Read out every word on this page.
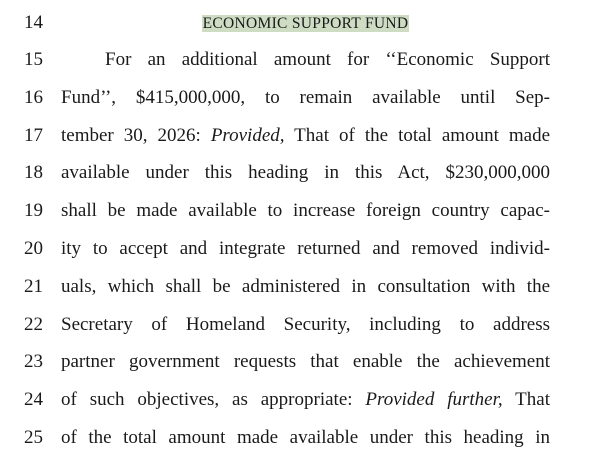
14	ECONOMIC SUPPORT FUND
15	For an additional amount for ‘‘Economic Support
16 Fund’’, $415,000,000, to remain available until Sep-
17 tember 30, 2026: Provided, That of the total amount made
18 available under this heading in this Act, $230,000,000
19 shall be made available to increase foreign country capac-
20 ity to accept and integrate returned and removed individ-
21 uals, which shall be administered in consultation with the
22 Secretary of Homeland Security, including to address
23 partner government requests that enable the achievement
24 of such objectives, as appropriate: Provided further, That
25 of the total amount made available under this heading in
